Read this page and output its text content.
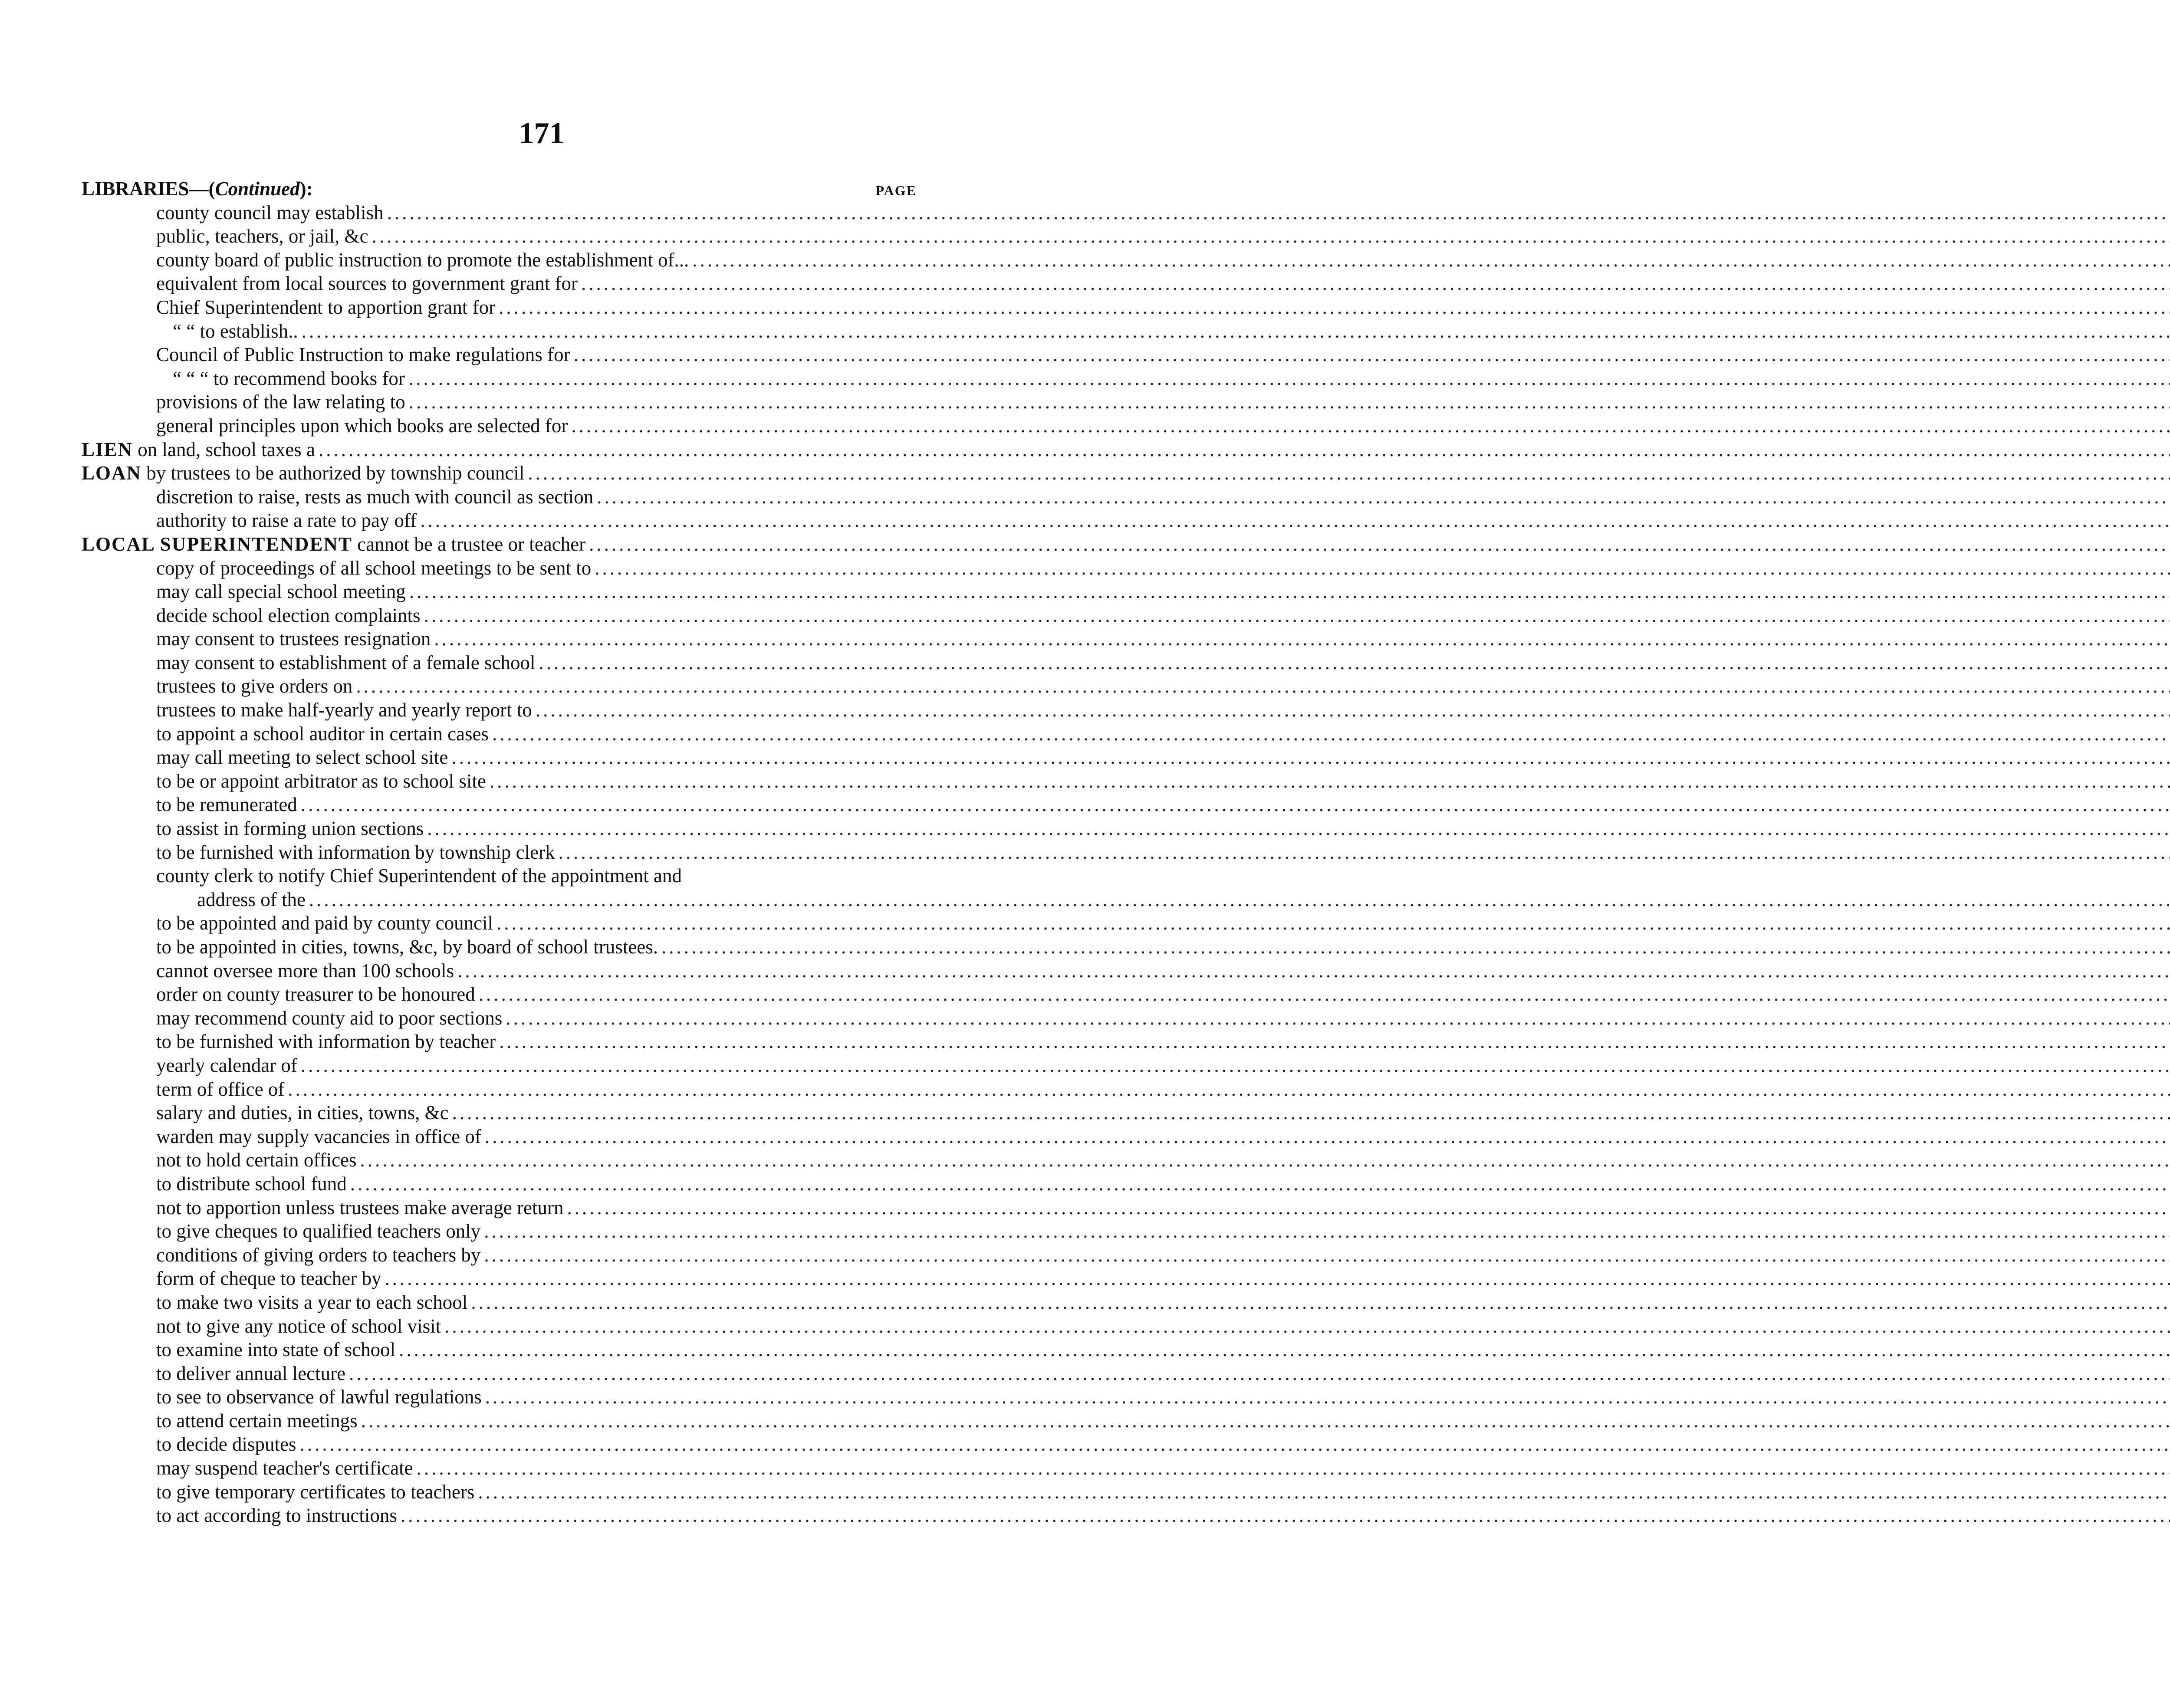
171
LIBRARIES—(Continued):	PAGE
county council may establish
.....
public, teachers, or jail, &c
.....
county board of public instruction to promote the establishment of...
.....
equivalent from local sources to government grant for
.....
Chief Superintendent to apportion grant for
.....
“ “ to establish..
.....
Council of Public Instruction to make regulations for
.....
“ “ “ to recommend books for
.....
provisions of the law relating to
.....
general principles upon which books are selected for
.....
LIEN on land, school taxes a
.....
LOAN by trustees to be authorized by township council
.....
discretion to raise, rests as much with council as section
.....
authority to raise a rate to pay off
.....
LOCAL SUPERINTENDENT cannot be a trustee or teacher
.....
copy of proceedings of all school meetings to be sent to
.....
may call special school meeting
.....
decide school election complaints
.....
may consent to trustees resignation
.....
may consent to establishment of a female school
.....
trustees to give orders on
.....
trustees to make half-yearly and yearly report to
.....
to appoint a school auditor in certain cases
.....
may call meeting to select school site
.....
to be or appoint arbitrator as to school site
.....
to be remunerated
.....
to assist in forming union sections
.....
to be furnished with information by township clerk
.....
county clerk to notify Chief Superintendent of the appointment and
address of the
.....
to be appointed and paid by county council
.....
to be appointed in cities, towns, &c, by board of school trustees.
.....
cannot oversee more than 100 schools
.....
order on county treasurer to be honoured
.....
may recommend county aid to poor sections
.....
to be furnished with information by teacher
.....
yearly calendar of
.....
term of office of
.....
salary and duties, in cities, towns, &c
.....
warden may supply vacancies in office of
.....
not to hold certain offices
.....
to distribute school fund
.....
not to apportion unless trustees make average return
.....
to give cheques to qualified teachers only
.....
conditions of giving orders to teachers by
.....
form of cheque to teacher by
.....
to make two visits a year to each school
.....
not to give any notice of school visit
.....
to examine into state of school
.....
to deliver annual lecture
.....
to see to observance of lawful regulations
.....
to attend certain meetings
.....
to decide disputes
.....
may suspend teacher's certificate
.....
to give temporary certificates to teachers
.....
to act according to instructions
.....
